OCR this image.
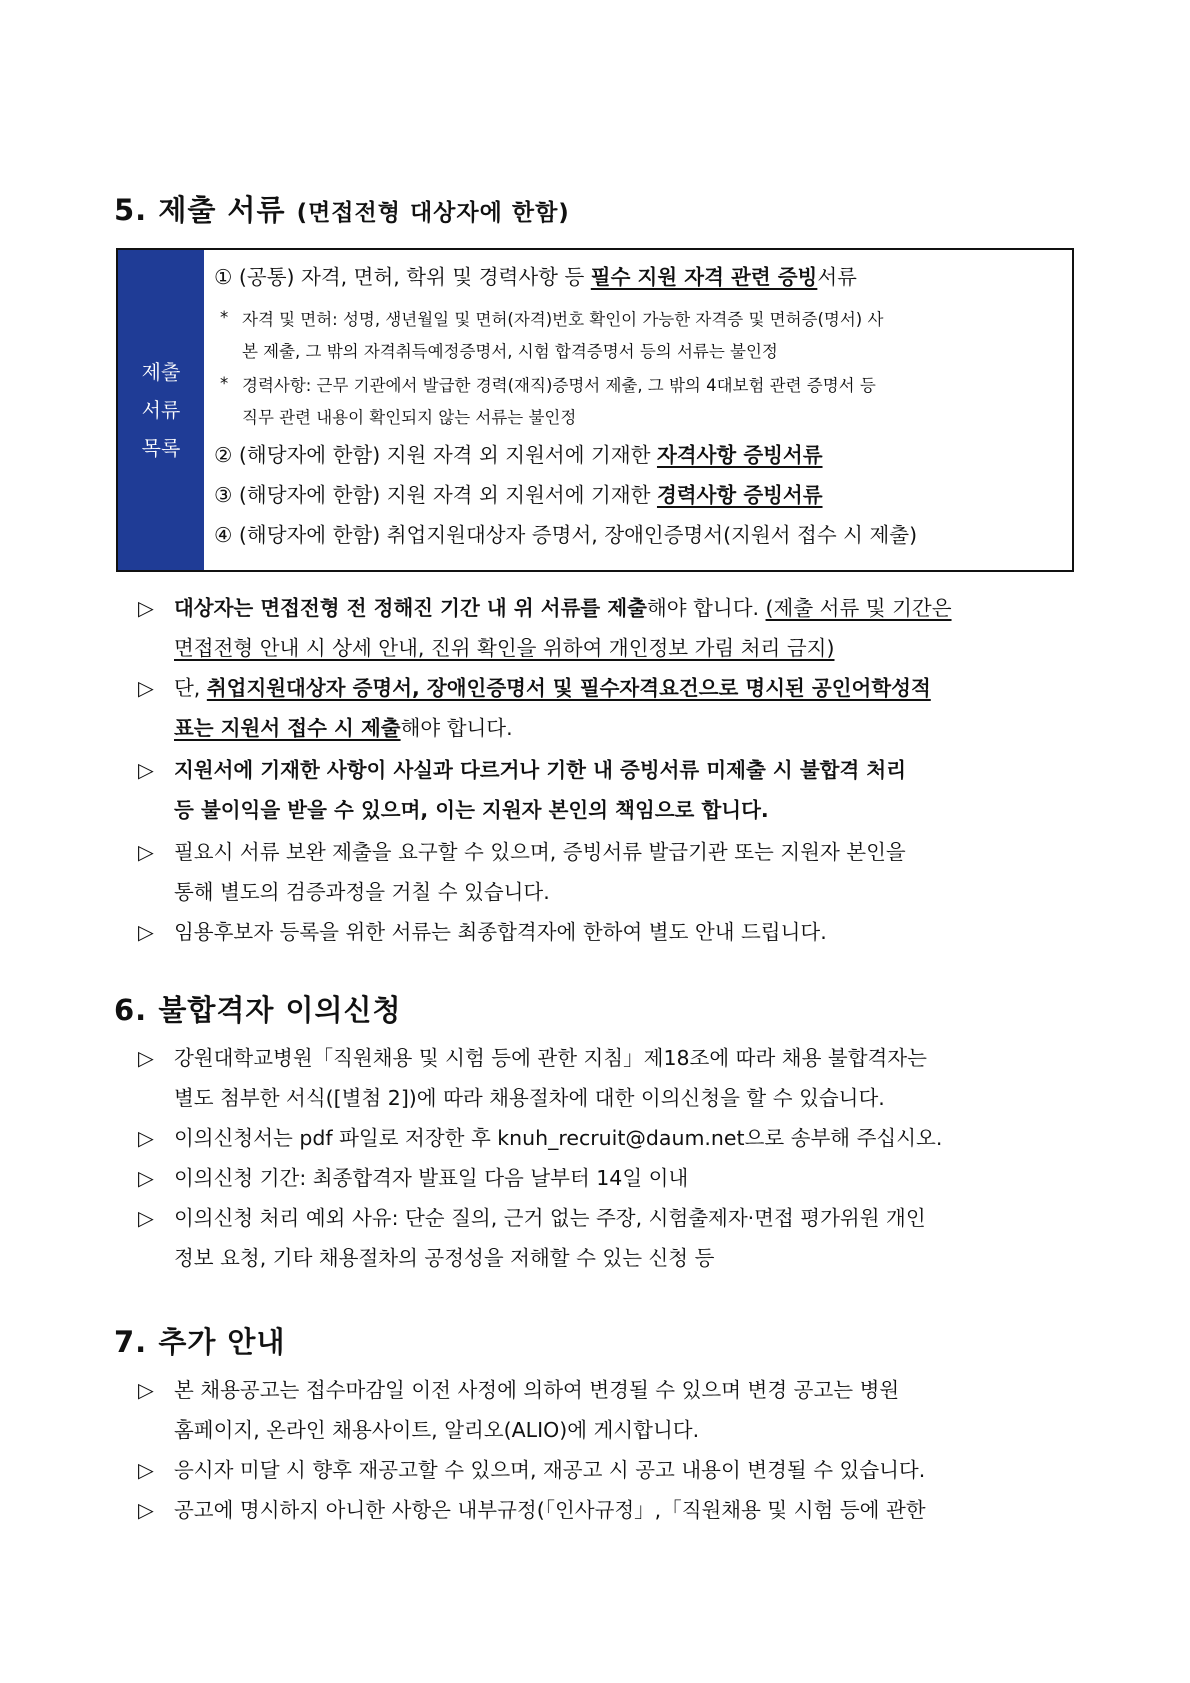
5. 제출 서류 (면접전형 대상자에 한함)
제출
서류
목록
① (공통) 자격, 면허, 학위 및 경력사항 등 필수 지원 자격 관련 증빙서류
* 자격 및 면허: 성명, 생년월일 및 면허(자격)번호 확인이 가능한 자격증 및 면허증(명서) 사
본 제출, 그 밖의 자격취득예정증명서, 시험 합격증명서 등의 서류는 불인정
* 경력사항: 근무 기관에서 발급한 경력(재직)증명서 제출, 그 밖의 4대보험 관련 증명서 등
직무 관련 내용이 확인되지 않는 서류는 불인정
② (해당자에 한함) 지원 자격 외 지원서에 기재한 자격사항 증빙서류
③ (해당자에 한함) 지원 자격 외 지원서에 기재한 경력사항 증빙서류
④ (해당자에 한함) 취업지원대상자 증명서, 장애인증명서(지원서 접수 시 제출)
▷ 대상자는 면접전형 전 정해진 기간 내 위 서류를 제출해야 합니다. (제출 서류 및 기간은
면접전형 안내 시 상세 안내, 진위 확인을 위하여 개인정보 가림 처리 금지)
▷ 단, 취업지원대상자 증명서, 장애인증명서 및 필수자격요건으로 명시된 공인어학성적
표는 지원서 접수 시 제출해야 합니다.
▷ 지원서에 기재한 사항이 사실과 다르거나 기한 내 증빙서류 미제출 시 불합격 처리
등 불이익을 받을 수 있으며, 이는 지원자 본인의 책임으로 합니다.
▷ 필요시 서류 보완 제출을 요구할 수 있으며, 증빙서류 발급기관 또는 지원자 본인을
통해 별도의 검증과정을 거칠 수 있습니다.
▷ 임용후보자 등록을 위한 서류는 최종합격자에 한하여 별도 안내 드립니다.
6. 불합격자 이의신청
▷ 강원대학교병원「직원채용 및 시험 등에 관한 지침」제18조에 따라 채용 불합격자는
별도 첨부한 서식([별첨 2])에 따라 채용절차에 대한 이의신청을 할 수 있습니다.
▷ 이의신청서는 pdf 파일로 저장한 후 knuh_recruit@daum.net으로 송부해 주십시오.
▷ 이의신청 기간: 최종합격자 발표일 다음 날부터 14일 이내
▷ 이의신청 처리 예외 사유: 단순 질의, 근거 없는 주장, 시험출제자·면접 평가위원 개인
정보 요청, 기타 채용절차의 공정성을 저해할 수 있는 신청 등
7. 추가 안내
▷ 본 채용공고는 접수마감일 이전 사정에 의하여 변경될 수 있으며 변경 공고는 병원
홈페이지, 온라인 채용사이트, 알리오(ALIO)에 게시합니다.
▷ 응시자 미달 시 향후 재공고할 수 있으며, 재공고 시 공고 내용이 변경될 수 있습니다.
▷ 공고에 명시하지 아니한 사항은 내부규정(「인사규정」,「직원채용 및 시험 등에 관한
